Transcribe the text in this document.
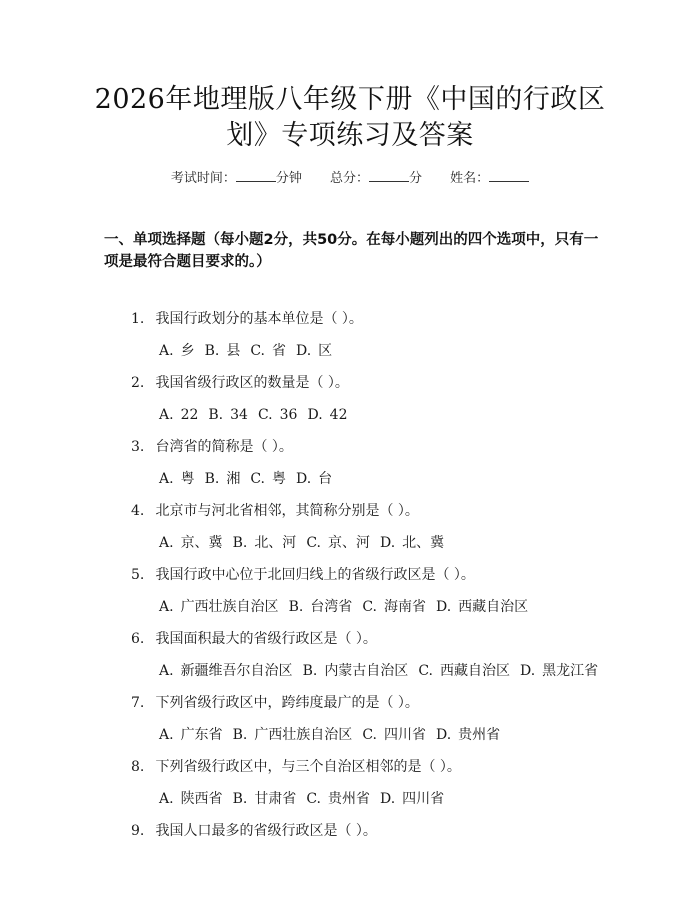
2026年地理版八年级下册《中国的行政区
划》专项练习及答案
考试时间：	分钟 总分：	分 姓名：
一、单项选择题（每小题2分，共50分。在每小题列出的四个选项中，只有一项是最符合题目要求的。）
1. 我国行政划分的基本单位是（ ）。
A. 乡 B. 县 C. 省 D. 区
2. 我国省级行政区的数量是（ ）。
A. 22 B. 34 C. 36 D. 42
3. 台湾省的简称是（ ）。
A. 粤 B. 湘 C. 粤 D. 台
4. 北京市与河北省相邻，其简称分别是（ ）。
A. 京、冀 B. 北、河 C. 京、河 D. 北、冀
5. 我国行政中心位于北回归线上的省级行政区是（ ）。
A. 广西壮族自治区 B. 台湾省 C. 海南省 D. 西藏自治区
6. 我国面积最大的省级行政区是（ ）。
A. 新疆维吾尔自治区 B. 内蒙古自治区 C. 西藏自治区 D. 黑龙江省
7. 下列省级行政区中，跨纬度最广的是（ ）。
A. 广东省 B. 广西壮族自治区 C. 四川省 D. 贵州省
8. 下列省级行政区中，与三个自治区相邻的是（ ）。
A. 陕西省 B. 甘肃省 C. 贵州省 D. 四川省
9. 我国人口最多的省级行政区是（ ）。
